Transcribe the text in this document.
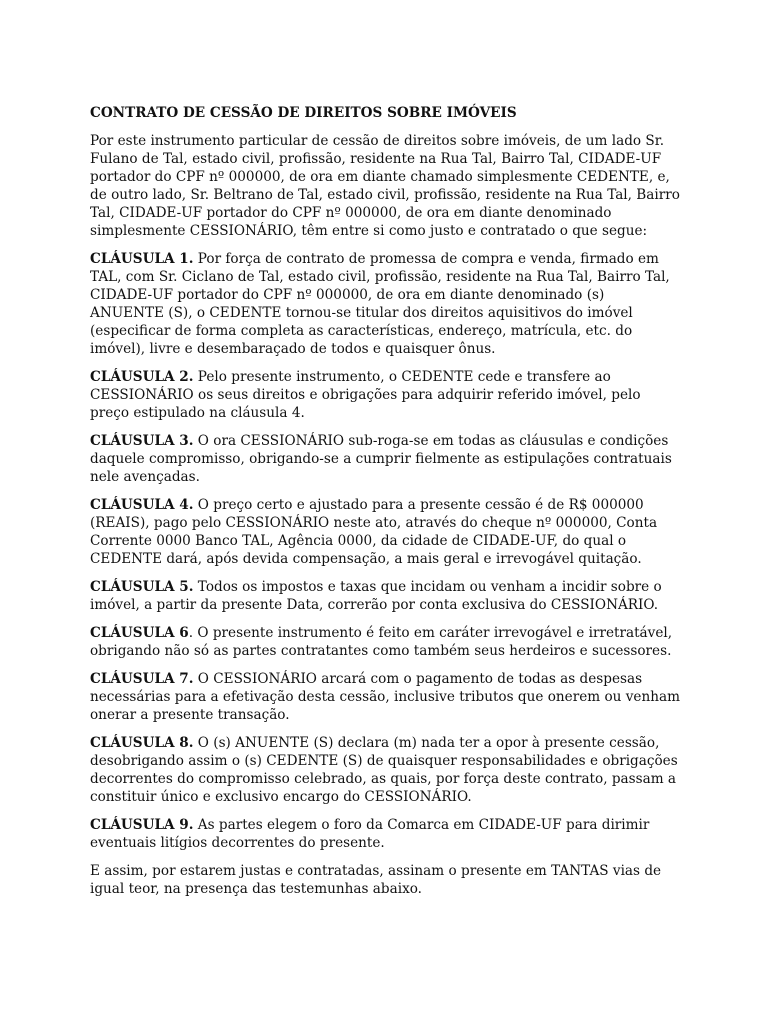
CONTRATO DE CESSÃO DE DIREITOS SOBRE IMÓVEIS

Por este instrumento particular de cessão de direitos sobre imóveis, de um lado Sr. Fulano de Tal, estado civil, profissão, residente na Rua Tal, Bairro Tal, CIDADE-UF portador do CPF nº 000000, de ora em diante chamado simplesmente CEDENTE, e, de outro lado, Sr. Beltrano de Tal, estado civil, profissão, residente na Rua Tal, Bairro Tal, CIDADE-UF portador do CPF nº 000000, de ora em diante denominado simplesmente CESSIONÁRIO, têm entre si como justo e contratado o que segue:

CLÁUSULA 1. Por força de contrato de promessa de compra e venda, firmado em TAL, com Sr. Ciclano de Tal, estado civil, profissão, residente na Rua Tal, Bairro Tal, CIDADE-UF portador do CPF nº 000000, de ora em diante denominado (s) ANUENTE (S), o CEDENTE tornou-se titular dos direitos aquisitivos do imóvel (especificar de forma completa as características, endereço, matrícula, etc. do imóvel), livre e desembaraçado de todos e quaisquer ônus.

CLÁUSULA 2. Pelo presente instrumento, o CEDENTE cede e transfere ao CESSIONÁRIO os seus direitos e obrigações para adquirir referido imóvel, pelo preço estipulado na cláusula 4.

CLÁUSULA 3. O ora CESSIONÁRIO sub-roga-se em todas as cláusulas e condições daquele compromisso, obrigando-se a cumprir fielmente as estipulações contratuais nele avençadas.

CLÁUSULA 4. O preço certo e ajustado para a presente cessão é de R$ 000000 (REAIS), pago pelo CESSIONÁRIO neste ato, através do cheque nº 000000, Conta Corrente 0000 Banco TAL, Agência 0000, da cidade de CIDADE-UF, do qual o CEDENTE dará, após devida compensação, a mais geral e irrevogável quitação.

CLÁUSULA 5. Todos os impostos e taxas que incidam ou venham a incidir sobre o imóvel, a partir da presente Data, correrão por conta exclusiva do CESSIONÁRIO.

CLÁUSULA 6. O presente instrumento é feito em caráter irrevogável e irretratável, obrigando não só as partes contratantes como também seus herdeiros e sucessores.

CLÁUSULA 7. O CESSIONÁRIO arcará com o pagamento de todas as despesas necessárias para a efetivação desta cessão, inclusive tributos que onerem ou venham onerar a presente transação.

CLÁUSULA 8. O (s) ANUENTE (S) declara (m) nada ter a opor à presente cessão, desobrigando assim o (s) CEDENTE (S) de quaisquer responsabilidades e obrigações decorrentes do compromisso celebrado, as quais, por força deste contrato, passam a constituir único e exclusivo encargo do CESSIONÁRIO.

CLÁUSULA 9. As partes elegem o foro da Comarca em CIDADE-UF para dirimir eventuais litígios decorrentes do presente.

E assim, por estarem justas e contratadas, assinam o presente em TANTAS vias de igual teor, na presença das testemunhas abaixo.
